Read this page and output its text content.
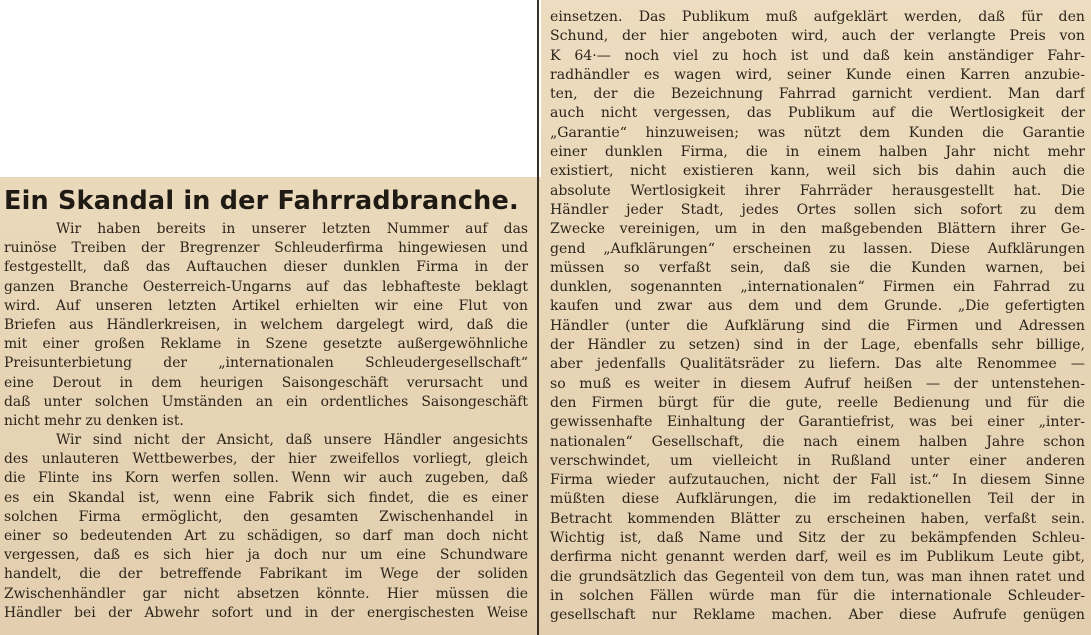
Ein Skandal in der Fahrradbranche.
Wir haben bereits in unserer letzten Nummer auf das
ruinöse Treiben der Bregrenzer Schleuderfirma hingewiesen und
festgestellt, daß das Auftauchen dieser dunklen Firma in der
ganzen Branche Oesterreich-Ungarns auf das lebhafteste beklagt
wird. Auf unseren letzten Artikel erhielten wir eine Flut von
Briefen aus Händlerkreisen, in welchem dargelegt wird, daß die
mit einer großen Reklame in Szene gesetzte außergewöhnliche
Preisunterbietung der „internationalen Schleudergesellschaft“
eine Derout in dem heurigen Saisongeschäft verursacht und
daß unter solchen Umständen an ein ordentliches Saisongeschäft
nicht mehr zu denken ist.
Wir sind nicht der Ansicht, daß unsere Händler angesichts
des unlauteren Wettbewerbes, der hier zweifellos vorliegt, gleich
die Flinte ins Korn werfen sollen. Wenn wir auch zugeben, daß
es ein Skandal ist, wenn eine Fabrik sich findet, die es einer
solchen Firma ermöglicht, den gesamten Zwischenhandel in
einer so bedeutenden Art zu schädigen, so darf man doch nicht
vergessen, daß es sich hier ja doch nur um eine Schundware
handelt, die der betreffende Fabrikant im Wege der soliden
Zwischenhändler gar nicht absetzen könnte. Hier müssen die
Händler bei der Abwehr sofort und in der energischesten Weise
einsetzen. Das Publikum muß aufgeklärt werden, daß für den
Schund, der hier angeboten wird, auch der verlangte Preis von
K 64·— noch viel zu hoch ist und daß kein anständiger Fahr-
radhändler es wagen wird, seiner Kunde einen Karren anzubie-
ten, der die Bezeichnung Fahrrad garnicht verdient. Man darf
auch nicht vergessen, das Publikum auf die Wertlosigkeit der
„Garantie“ hinzuweisen; was nützt dem Kunden die Garantie
einer dunklen Firma, die in einem halben Jahr nicht mehr
existiert, nicht existieren kann, weil sich bis dahin auch die
absolute Wertlosigkeit ihrer Fahrräder herausgestellt hat. Die
Händler jeder Stadt, jedes Ortes sollen sich sofort zu dem
Zwecke vereinigen, um in den maßgebenden Blättern ihrer Ge-
gend „Aufklärungen“ erscheinen zu lassen. Diese Aufklärungen
müssen so verfaßt sein, daß sie die Kunden warnen, bei
dunklen, sogenannten „internationalen“ Firmen ein Fahrrad zu
kaufen und zwar aus dem und dem Grunde. „Die gefertigten
Händler (unter die Aufklärung sind die Firmen und Adressen
der Händler zu setzen) sind in der Lage, ebenfalls sehr billige,
aber jedenfalls Qualitätsräder zu liefern. Das alte Renommee —
so muß es weiter in diesem Aufruf heißen — der untenstehen-
den Firmen bürgt für die gute, reelle Bedienung und für die
gewissenhafte Einhaltung der Garantiefrist, was bei einer „inter-
nationalen“ Gesellschaft, die nach einem halben Jahre schon
verschwindet, um vielleicht in Rußland unter einer anderen
Firma wieder aufzutauchen, nicht der Fall ist.“ In diesem Sinne
müßten diese Aufklärungen, die im redaktionellen Teil der in
Betracht kommenden Blätter zu erscheinen haben, verfaßt sein.
Wichtig ist, daß Name und Sitz der zu bekämpfenden Schleu-
derfirma nicht genannt werden darf, weil es im Publikum Leute gibt,
die grundsätzlich das Gegenteil von dem tun, was man ihnen ratet und
in solchen Fällen würde man für die internationale Schleuder-
gesellschaft nur Reklame machen. Aber diese Aufrufe genügen
